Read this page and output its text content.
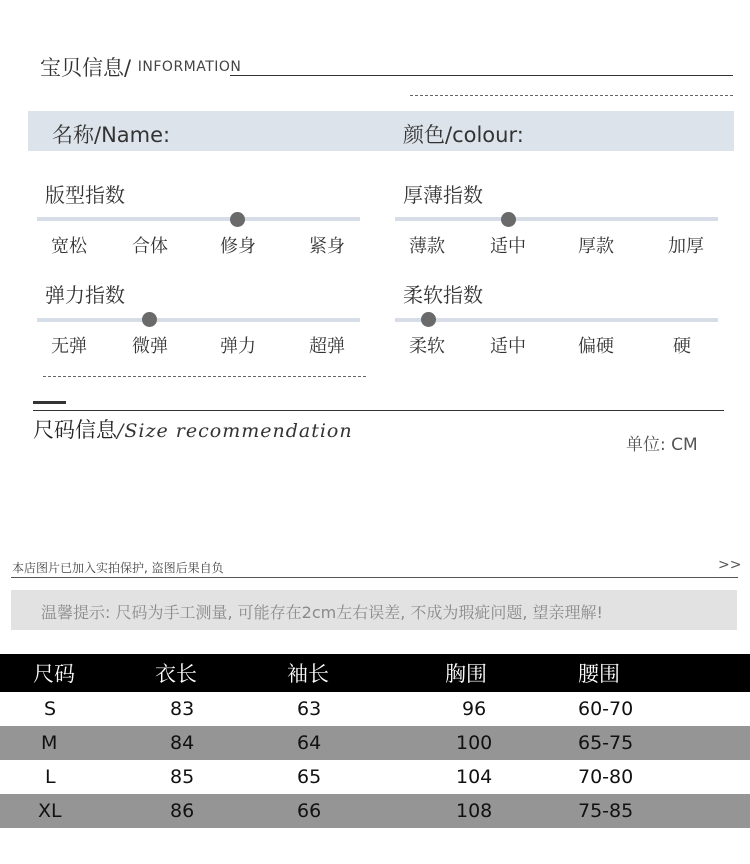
宝贝信息/ INFORMATION
名称/Name:	颜色/colour:
版型指数
宽松	合体	修身	紧身
厚薄指数
薄款	适中	厚款	加厚
弹力指数
无弹	微弹	弹力	超弹
柔软指数
柔软	适中	偏硬	硬
尺码信息/Size recommendation
单位: CM
本店图片已加入实拍保护, 盗图后果自负	>>
温馨提示: 尺码为手工测量, 可能存在2cm左右误差, 不成为瑕疵问题, 望亲理解!
尺码	衣长	袖长	胸围	腰围
S	83	63	96	60-70
M	84	64	100	65-75
L	85	65	104	70-80
XL	86	66	108	75-85
